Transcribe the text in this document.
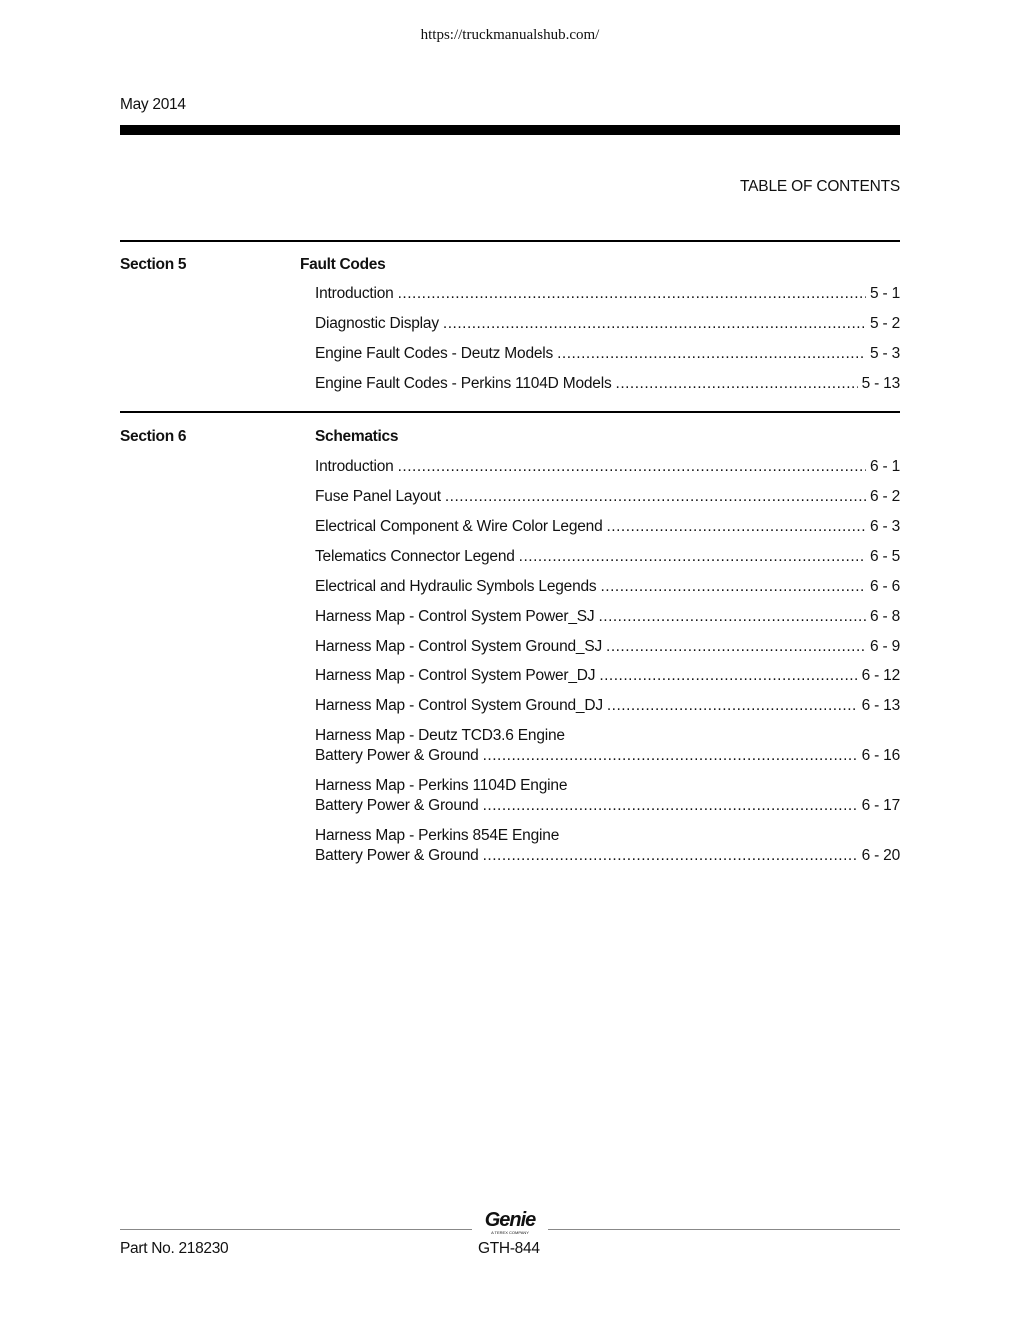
https://truckmanualshub.com/
May 2014
TABLE OF CONTENTS
Section 5	Fault Codes
Introduction .....	5 - 1
Diagnostic Display .....	5 - 2
Engine Fault Codes - Deutz Models .....	5 - 3
Engine Fault Codes - Perkins 1104D Models .....	5 - 13
Section 6	Schematics
Introduction .....	6 - 1
Fuse Panel Layout .....	6 - 2
Electrical Component & Wire Color Legend .....	6 - 3
Telematics Connector Legend .....	6 - 5
Electrical and Hydraulic Symbols Legends .....	6 - 6
Harness Map - Control System Power_SJ .....	6 - 8
Harness Map - Control System Ground_SJ .....	6 - 9
Harness Map - Control System Power_DJ .....	6 - 12
Harness Map - Control System Ground_DJ .....	6 - 13
Harness Map - Deutz TCD3.6 Engine
Battery Power & Ground .....	6 - 16
Harness Map - Perkins 1104D Engine
Battery Power & Ground .....	6 - 17
Harness Map - Perkins 854E Engine
Battery Power & Ground .....	6 - 20
Genie
A TEREX COMPANY
Part No. 218230	GTH-844
